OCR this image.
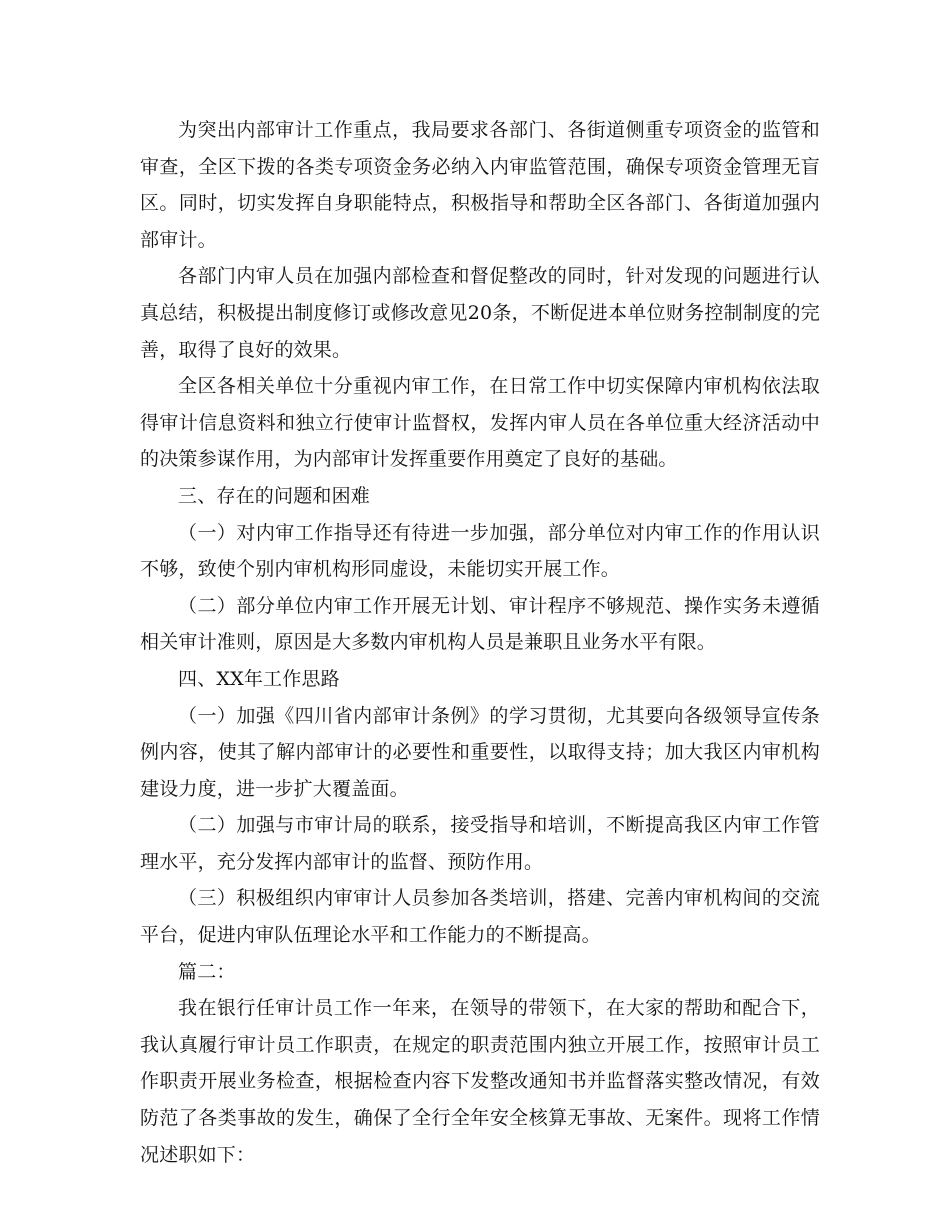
为突出内部审计工作重点，我局要求各部门、各街道侧重专项资金的监管和审查，全区下拨的各类专项资金务必纳入内审监管范围，确保专项资金管理无盲区。同时，切实发挥自身职能特点，积极指导和帮助全区各部门、各街道加强内部审计。

各部门内审人员在加强内部检查和督促整改的同时，针对发现的问题进行认真总结，积极提出制度修订或修改意见20条，不断促进本单位财务控制制度的完善，取得了良好的效果。

全区各相关单位十分重视内审工作，在日常工作中切实保障内审机构依法取得审计信息资料和独立行使审计监督权，发挥内审人员在各单位重大经济活动中的决策参谋作用，为内部审计发挥重要作用奠定了良好的基础。

三、存在的问题和困难

（一）对内审工作指导还有待进一步加强，部分单位对内审工作的作用认识不够，致使个别内审机构形同虚设，未能切实开展工作。

（二）部分单位内审工作开展无计划、审计程序不够规范、操作实务未遵循相关审计准则，原因是大多数内审机构人员是兼职且业务水平有限。

四、XX年工作思路

（一）加强《四川省内部审计条例》的学习贯彻，尤其要向各级领导宣传条例内容，使其了解内部审计的必要性和重要性，以取得支持；加大我区内审机构建设力度，进一步扩大覆盖面。

（二）加强与市审计局的联系，接受指导和培训，不断提高我区内审工作管理水平，充分发挥内部审计的监督、预防作用。

（三）积极组织内审审计人员参加各类培训，搭建、完善内审机构间的交流平台，促进内审队伍理论水平和工作能力的不断提高。

篇二：

我在银行任审计员工作一年来，在领导的带领下，在大家的帮助和配合下，我认真履行审计员工作职责，在规定的职责范围内独立开展工作，按照审计员工作职责开展业务检查，根据检查内容下发整改通知书并监督落实整改情况，有效防范了各类事故的发生，确保了全行全年安全核算无事故、无案件。现将工作情况述职如下：
